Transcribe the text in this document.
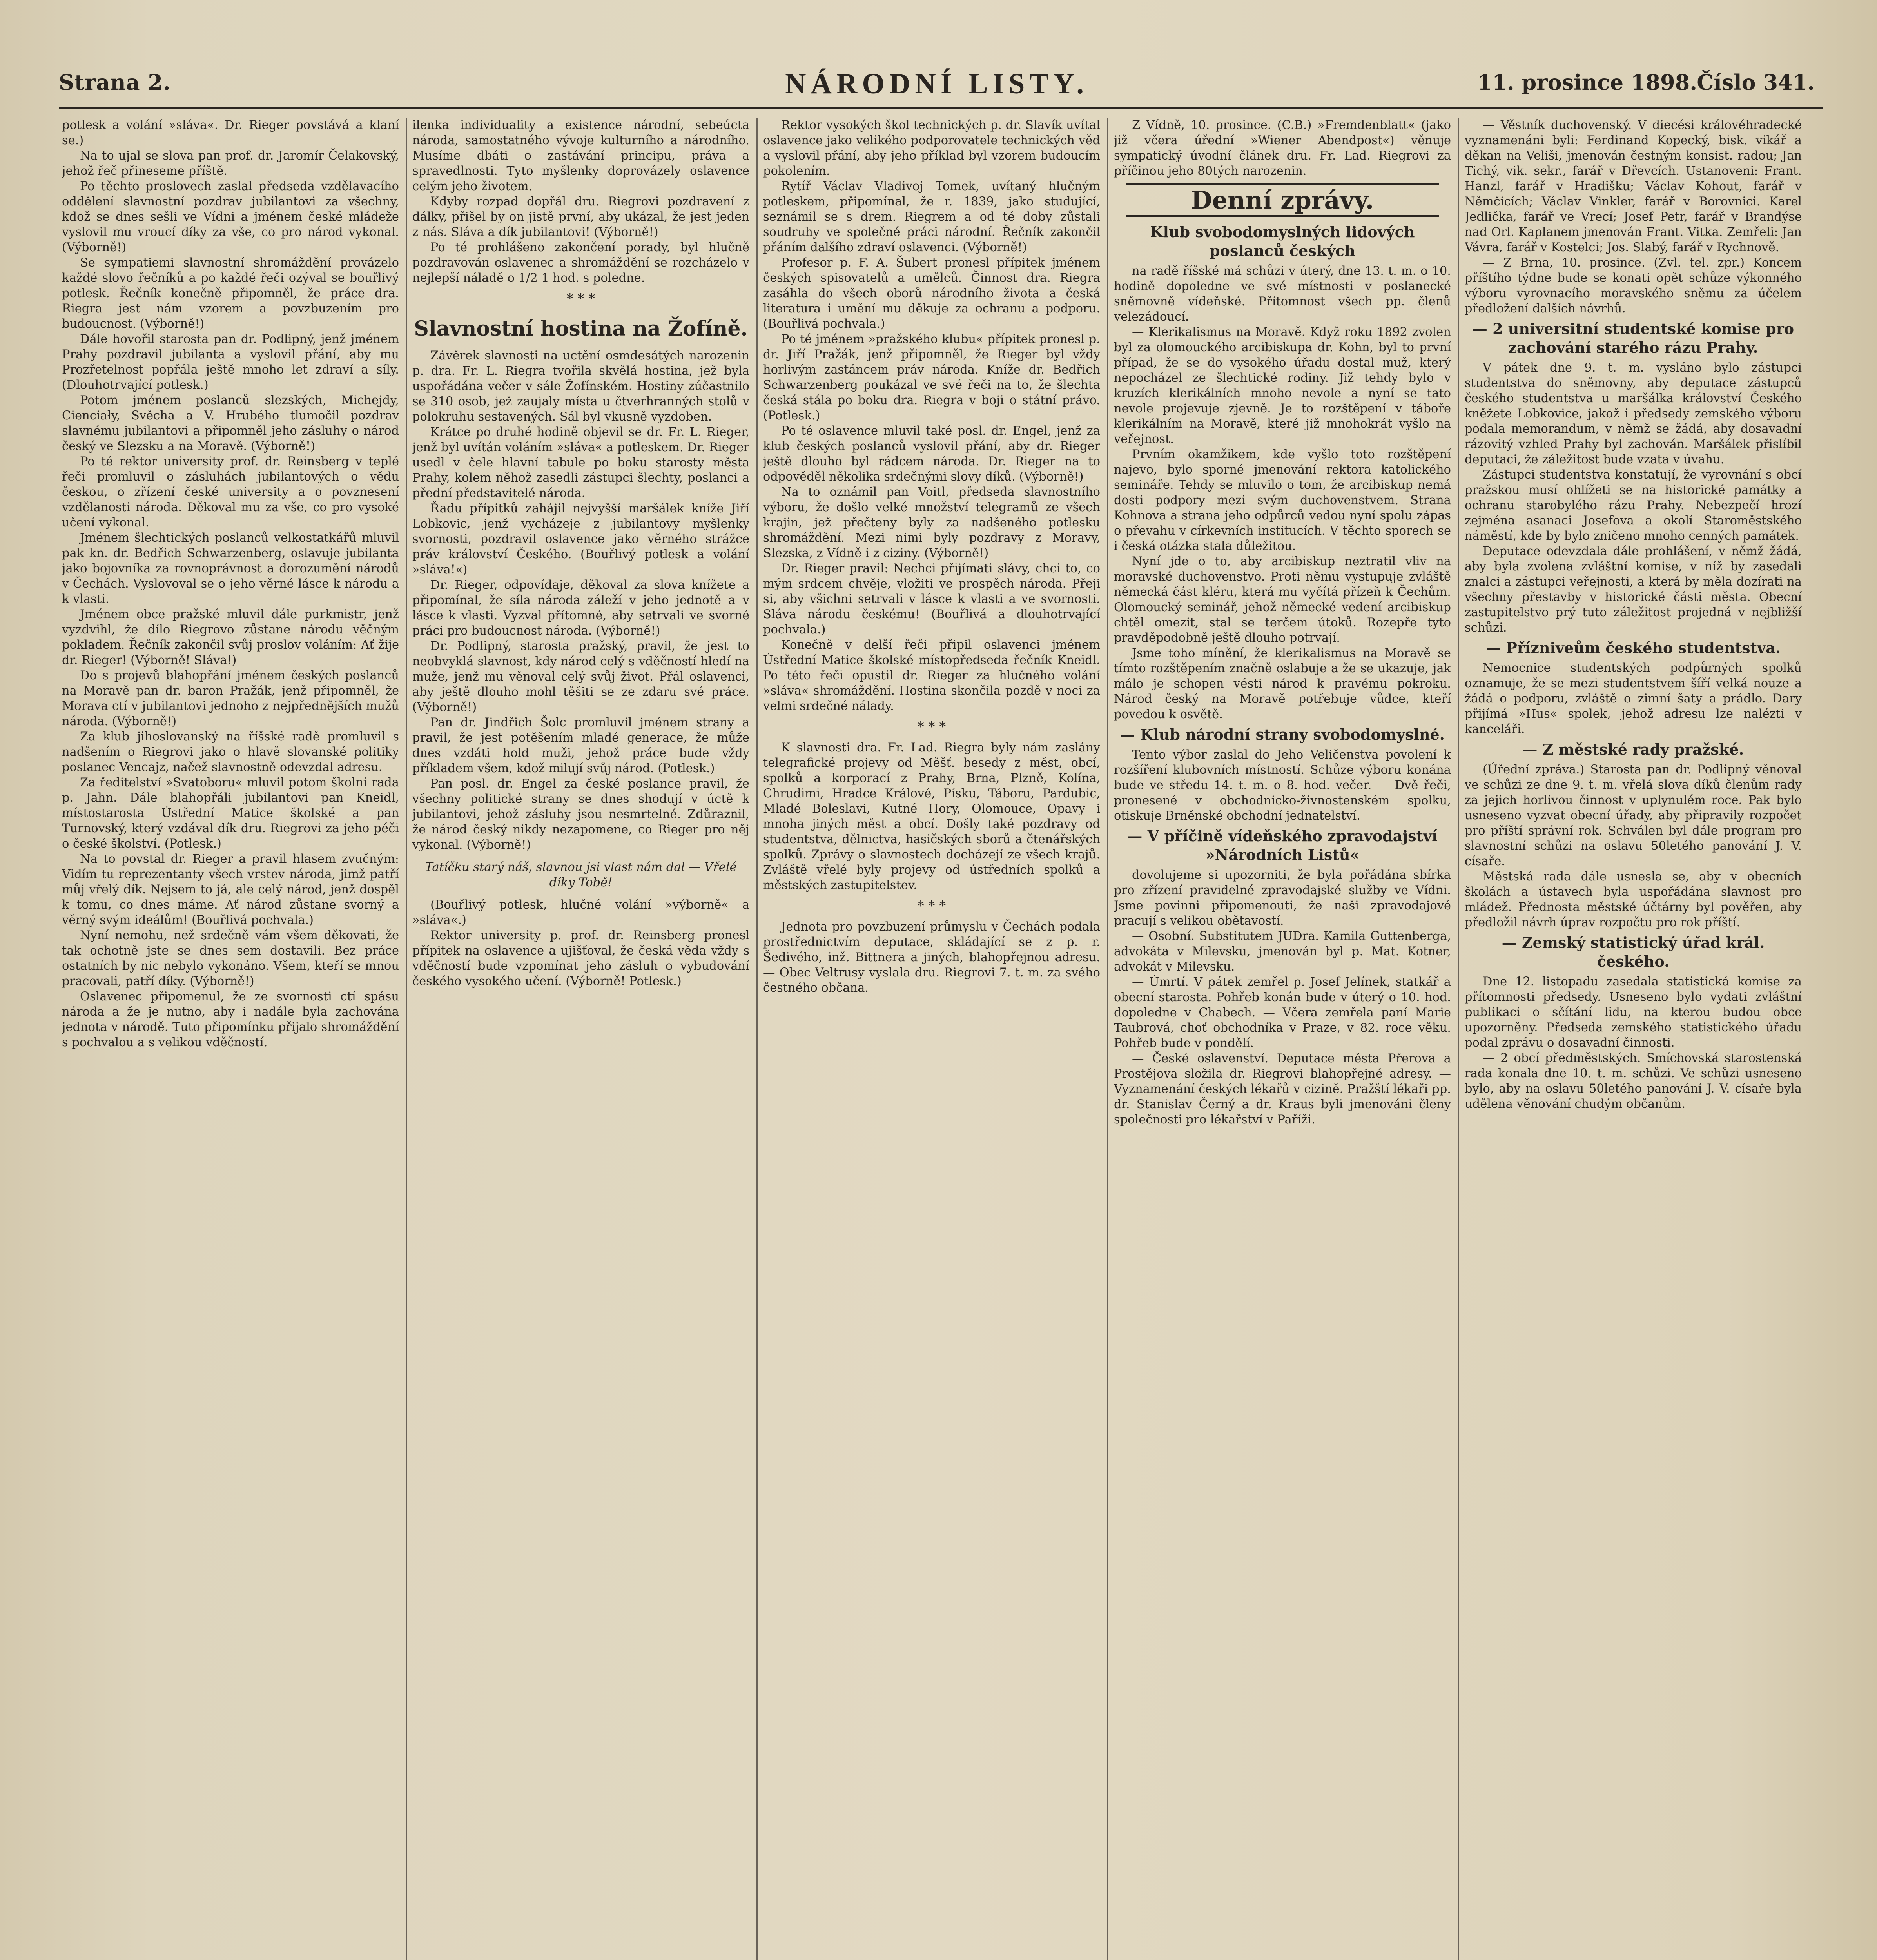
Strana 2.	NÁRODNÍ LISTY.	11. prosince 1898. Číslo 341.

potlesk a volání »sláva«. Dr. Rieger povstává a klaní se.)

Na to ujal se slova pan prof. dr. Jaromír Čelakovský, jehož řeč přineseme příště.

Po těchto proslovech zaslal předseda vzdělavacího oddělení slavnostní pozdrav jubilantovi za všechny, kdož se dnes sešli ve Vídni a jménem české mládeže vyslovil mu vroucí díky za vše, co pro národ vykonal. (Výborně!)

Se sympatiemi slavnostní shromáždění provázelo každé slovo řečníků a po každé řeči ozýval se bouřlivý potlesk. Řečník konečně připomněl, že práce dra. Riegra jest nám vzorem a povzbuzením pro budoucnost. (Výborně!)

Dále hovořil starosta pan dr. Podlipný, jenž jménem Prahy pozdravil jubilanta a vyslovil přání, aby mu Prozřetelnost popřála ještě mnoho let zdraví a síly. (Dlouhotrvající potlesk.)

Potom jménem poslanců slezských, Michejdy, Cienciały, Svěcha a V. Hrubého tlumočil pozdrav slavnému jubilantovi a připomněl jeho zásluhy o národ český ve Slezsku a na Moravě. (Výborně!)

Po té rektor university prof. dr. Reinsberg v teplé řeči promluvil o zásluhách jubilantových o vědu českou, o zřízení české university a o povznesení vzdělanosti národa. Děkoval mu za vše, co pro vysoké učení vykonal.

Jménem šlechtických poslanců velkostatkářů mluvil pak kn. dr. Bedřich Schwarzenberg, oslavuje jubilanta jako bojovníka za rovnoprávnost a dorozumění národů v Čechách. Vyslovoval se o jeho věrné lásce k národu a k vlasti.

Jménem obce pražské mluvil dále purkmistr, jenž vyzdvihl, že dílo Riegrovo zůstane národu věčným pokladem. Řečník zakončil svůj proslov voláním: Ať žije dr. Rieger! (Výborně! Sláva!)

Do s projevů blahopřání jménem českých poslanců na Moravě pan dr. baron Pražák, jenž připomněl, že Morava ctí v jubilantovi jednoho z nejpřednějších mužů národa. (Výborně!)

Za klub jihoslovanský na říšské radě promluvil s nadšením o Riegrovi jako o hlavě slovanské politiky poslanec Vencajz, načež slavnostně odevzdal adresu.

Za ředitelství »Svatoboru« mluvil potom školní rada p. Jahn. Dále blahopřáli jubilantovi pan Kneidl, místostarosta Ústřední Matice školské a pan Turnovský, který vzdával dík dru. Riegrovi za jeho péči o české školství. (Potlesk.)

Na to povstal dr. Rieger a pravil hlasem zvučným: Vidím tu reprezentanty všech vrstev národa, jimž patří můj vřelý dík. Nejsem to já, ale celý národ, jenž dospěl k tomu, co dnes máme. Ať národ zůstane svorný a věrný svým ideálům! (Bouřlivá pochvala.)

Nyní nemohu, než srdečně vám všem děkovati, že tak ochotně jste se dnes sem dostavili. Bez práce ostatních by nic nebylo vykonáno. Všem, kteří se mnou pracovali, patří díky. (Výborně!)

Oslavenec připomenul, že ze svornosti ctí spásu národa a že je nutno, aby i nadále byla zachována jednota v národě. Tuto připomínku přijalo shromáždění s pochvalou a s velikou vděčností.

ilenka individuality a existence národní, sebeúcta národa, samostatného vývoje kulturního a národního. Musíme dbáti o zastávání principu, práva a spravedlnosti. Tyto myšlenky doprovázely oslavence celým jeho životem.

Kdyby rozpad dopřál dru. Riegrovi pozdravení z dálky, přišel by on jistě první, aby ukázal, že jest jeden z nás. Sláva a dík jubilantovi! (Výborně!)

Po té prohlášeno zakončení porady, byl hlučně pozdravován oslavenec a shromáždění se rozcházelo v nejlepší náladě o 1/2 1 hod. s poledne.

* * *
Slavnostní hostina na Žofíně.

Závěrek slavnosti na uctění osmdesátých narozenin p. dra. Fr. L. Riegra tvořila skvělá hostina, jež byla uspořádána večer v sále Žofínském. Hostiny zúčastnilo se 310 osob, jež zaujaly místa u čtverhranných stolů v polokruhu sestavených. Sál byl vkusně vyzdoben.

Krátce po druhé hodině objevil se dr. Fr. L. Rieger, jenž byl uvítán voláním »sláva« a potleskem. Dr. Rieger usedl v čele hlavní tabule po boku starosty města Prahy, kolem něhož zasedli zástupci šlechty, poslanci a přední představitelé národa.

Řadu přípitků zahájil nejvyšší maršálek kníže Jiří Lobkovic, jenž vycházeje z jubilantovy myšlenky svornosti, pozdravil oslavence jako věrného strážce práv království Českého. (Bouřlivý potlesk a volání »sláva!«)

Dr. Rieger, odpovídaje, děkoval za slova knížete a připomínal, že síla národa záleží v jeho jednotě a v lásce k vlasti. Vyzval přítomné, aby setrvali ve svorné práci pro budoucnost národa. (Výborně!)

Dr. Podlipný, starosta pražský, pravil, že jest to neobvyklá slavnost, kdy národ celý s vděčností hledí na muže, jenž mu věnoval celý svůj život. Přál oslavenci, aby ještě dlouho mohl těšiti se ze zdaru své práce. (Výborně!)

Pan dr. Jindřich Šolc promluvil jménem strany a pravil, že jest potěšením mladé generace, že může dnes vzdáti hold muži, jehož práce bude vždy příkladem všem, kdož milují svůj národ. (Potlesk.)

Pan posl. dr. Engel za české poslance pravil, že všechny politické strany se dnes shodují v úctě k jubilantovi, jehož zásluhy jsou nesmrtelné. Zdůraznil, že národ český nikdy nezapomene, co Rieger pro něj vykonal. (Výborně!)

Tatíčku starý náš, slavnou jsi vlast nám dal — Vřelé díky Tobě!

(Bouřlivý potlesk, hlučné volání »výborně« a »sláva«.)

Rektor university p. prof. dr. Reinsberg pronesl přípitek na oslavence a ujišťoval, že česká věda vždy s vděčností bude vzpomínat jeho zásluh o vybudování českého vysokého učení. (Výborně! Potlesk.)

Rektor vysokých škol technických p. dr. Slavík uvítal oslavence jako velikého podporovatele technických věd a vyslovil přání, aby jeho příklad byl vzorem budoucím pokolením.

Rytíř Václav Vladivoj Tomek, uvítaný hlučným potleskem, připomínal, že r. 1839, jako studující, seznámil se s drem. Riegrem a od té doby zůstali soudruhy ve společné práci národní. Řečník zakončil přáním dalšího zdraví oslavenci. (Výborně!)

Profesor p. F. A. Šubert pronesl přípitek jménem českých spisovatelů a umělců. Činnost dra. Riegra zasáhla do všech oborů národního života a česká literatura i umění mu děkuje za ochranu a podporu. (Bouřlivá pochvala.)

Po té jménem »pražského klubu« přípitek pronesl p. dr. Jiří Pražák, jenž připomněl, že Rieger byl vždy horlivým zastáncem práv národa. Kníže dr. Bedřich Schwarzenberg poukázal ve své řeči na to, že šlechta česká stála po boku dra. Riegra v boji o státní právo. (Potlesk.)

Po té oslavence mluvil také posl. dr. Engel, jenž za klub českých poslanců vyslovil přání, aby dr. Rieger ještě dlouho byl rádcem národa. Dr. Rieger na to odpověděl několika srdečnými slovy díků. (Výborně!)

Na to oznámil pan Voitl, předseda slavnostního výboru, že došlo velké množství telegramů ze všech krajin, jež přečteny byly za nadšeného potlesku shromáždění. Mezi nimi byly pozdravy z Moravy, Slezska, z Vídně i z ciziny. (Výborně!)

Dr. Rieger pravil: Nechci přijímati slávy, chci to, co mým srdcem chvěje, vložiti ve prospěch národa. Přeji si, aby všichni setrvali v lásce k vlasti a ve svornosti. Sláva národu českému! (Bouřlivá a dlouhotrvající pochvala.)

Konečně v delší řeči připil oslavenci jménem Ústřední Matice školské místopředseda řečník Kneidl. Po této řeči opustil dr. Rieger za hlučného volání »sláva« shromáždění. Hostina skončila pozdě v noci za velmi srdečné nálady.

* * *

K slavnosti dra. Fr. Lad. Riegra byly nám zaslány telegrafické projevy od Měšť. besedy z měst, obcí, spolků a korporací z Prahy, Brna, Plzně, Kolína, Chrudimi, Hradce Králové, Písku, Táboru, Pardubic, Mladé Boleslavi, Kutné Hory, Olomouce, Opavy i mnoha jiných měst a obcí. Došly také pozdravy od studentstva, dělnictva, hasičských sborů a čtenářských spolků. Zprávy o slavnostech docházejí ze všech krajů. Zvláště vřelé byly projevy od ústředních spolků a městských zastupitelstev.

* * *

Jednota pro povzbuzení průmyslu v Čechách podala prostřednictvím deputace, skládající se z p. r. Šedivého, inž. Bittnera a jiných, blahopřejnou adresu. — Obec Veltrusy vyslala dru. Riegrovi 7. t. m. za svého čestného občana.

Z Vídně, 10. prosince. (C.B.) »Fremdenblatt« (jako již včera úřední »Wiener Abendpost«) věnuje sympatický úvodní článek dru. Fr. Lad. Riegrovi za příčinou jeho 80tých narozenin.

Denní zprávy.
Klub svobodomyslných lidových poslanců českých

na radě říšské má schůzi v úterý, dne 13. t. m. o 10. hodině dopoledne ve své místnosti v poslanecké sněmovně vídeňské. Přítomnost všech pp. členů velezádoucí.

— Klerikalismus na Moravě. Když roku 1892 zvolen byl za olomouckého arcibiskupa dr. Kohn, byl to první případ, že se do vysokého úřadu dostal muž, který nepocházel ze šlechtické rodiny. Již tehdy bylo v kruzích klerikálních mnoho nevole a nyní se tato nevole projevuje zjevně. Je to rozštěpení v táboře klerikálním na Moravě, které již mnohokrát vyšlo na veřejnost.

Prvním okamžikem, kde vyšlo toto rozštěpení najevo, bylo sporné jmenování rektora katolického semináře. Tehdy se mluvilo o tom, že arcibiskup nemá dosti podpory mezi svým duchovenstvem. Strana Kohnova a strana jeho odpůrců vedou nyní spolu zápas o převahu v církevních institucích. V těchto sporech se i česká otázka stala důležitou.

Nyní jde o to, aby arcibiskup neztratil vliv na moravské duchovenstvo. Proti němu vystupuje zvláště německá část kléru, která mu vyčítá přízeň k Čechům. Olomoucký seminář, jehož německé vedení arcibiskup chtěl omezit, stal se terčem útoků. Rozepře tyto pravděpodobně ještě dlouho potrvají.

Jsme toho mínění, že klerikalismus na Moravě se tímto rozštěpením značně oslabuje a že se ukazuje, jak málo je schopen vésti národ k pravému pokroku. Národ český na Moravě potřebuje vůdce, kteří povedou k osvětě.

— Klub národní strany svobodomyslné.

Tento výbor zaslal do Jeho Veličenstva povolení k rozšíření klubovních místností. Schůze výboru konána bude ve středu 14. t. m. o 8. hod. večer. — Dvě řeči, pronesené v obchodnicko-živnostenském spolku, otiskuje Brněnské obchodní jednatelství.

— V příčině vídeňského zpravodajství »Národních Listů«

dovolujeme si upozorniti, že byla pořádána sbírka pro zřízení pravidelné zpravodajské služby ve Vídni. Jsme povinni připomenouti, že naši zpravodajové pracují s velikou obětavostí.

— Osobní. Substitutem JUDra. Kamila Guttenberga, advokáta v Milevsku, jmenován byl p. Mat. Kotner, advokát v Milevsku.

— Úmrtí. V pátek zemřel p. Josef Jelínek, statkář a obecní starosta. Pohřeb konán bude v úterý o 10. hod. dopoledne v Chabech. — Včera zemřela paní Marie Taubrová, choť obchodníka v Praze, v 82. roce věku. Pohřeb bude v pondělí.

— České oslavenství. Deputace města Přerova a Prostějova složila dr. Riegrovi blahopřejné adresy. — Vyznamenání českých lékařů v cizině. Pražští lékaři pp. dr. Stanislav Černý a dr. Kraus byli jmenováni členy společnosti pro lékařství v Paříži.

— Věstník duchovenský. V diecési královéhradecké vyznamenáni byli: Ferdinand Kopecký, bisk. vikář a děkan na Veliši, jmenován čestným konsist. radou; Jan Tichý, vik. sekr., farář v Dřevcích. Ustanoveni: Frant. Hanzl, farář v Hradišku; Václav Kohout, farář v Němčicích; Václav Vinkler, farář v Borovnici. Karel Jedlička, farář ve Vrecí; Josef Petr, farář v Brandýse nad Orl. Kaplanem jmenován Frant. Vitka. Zemřeli: Jan Vávra, farář v Kostelci; Jos. Slabý, farář v Rychnově.

— Z Brna, 10. prosince. (Zvl. tel. zpr.) Koncem příštího týdne bude se konati opět schůze výkonného výboru vyrovnacího moravského sněmu za účelem předložení dalších návrhů.

— 2 universitní studentské komise pro zachování starého rázu Prahy.

V pátek dne 9. t. m. vysláno bylo zástupci studentstva do sněmovny, aby deputace zástupců českého studentstva u maršálka království Českého kněžete Lobkovice, jakož i předsedy zemského výboru podala memorandum, v němž se žádá, aby dosavadní rázovitý vzhled Prahy byl zachován. Maršálek přislíbil deputaci, že záležitost bude vzata v úvahu.

Zástupci studentstva konstatují, že vyrovnání s obcí pražskou musí ohlížeti se na historické památky a ochranu starobylého rázu Prahy. Nebezpečí hrozí zejména asanaci Josefova a okolí Staroměstského náměstí, kde by bylo zničeno mnoho cenných památek.

Deputace odevzdala dále prohlášení, v němž žádá, aby byla zvolena zvláštní komise, v níž by zasedali znalci a zástupci veřejnosti, a která by měla dozírati na všechny přestavby v historické části města. Obecní zastupitelstvo prý tuto záležitost projedná v nejbližší schůzi.

— Přízniveům českého studentstva.

Nemocnice studentských podpůrných spolků oznamuje, že se mezi studentstvem šíří velká nouze a žádá o podporu, zvláště o zimní šaty a prádlo. Dary přijímá »Hus« spolek, jehož adresu lze nalézti v kanceláři.

— Z městské rady pražské.

(Úřední zpráva.) Starosta pan dr. Podlipný věnoval ve schůzi ze dne 9. t. m. vřelá slova díků členům rady za jejich horlivou činnost v uplynulém roce. Pak bylo usneseno vyzvat obecní úřady, aby připravily rozpočet pro příští správní rok. Schválen byl dále program pro slavnostní schůzi na oslavu 50letého panování J. V. císaře.

Městská rada dále usnesla se, aby v obecních školách a ústavech byla uspořádána slavnost pro mládež. Přednosta městské účtárny byl pověřen, aby předložil návrh úprav rozpočtu pro rok příští.

— Zemský statistický úřad král. českého.

Dne 12. listopadu zasedala statistická komise za přítomnosti předsedy. Usneseno bylo vydati zvláštní publikaci o sčítání lidu, na kterou budou obce upozorněny. Předseda zemského statistického úřadu podal zprávu o dosavadní činnosti.

— 2 obcí předměstských. Smíchovská starostenská rada konala dne 10. t. m. schůzi. Ve schůzi usneseno bylo, aby na oslavu 50letého panování J. V. císaře byla udělena věnování chudým občanům.
